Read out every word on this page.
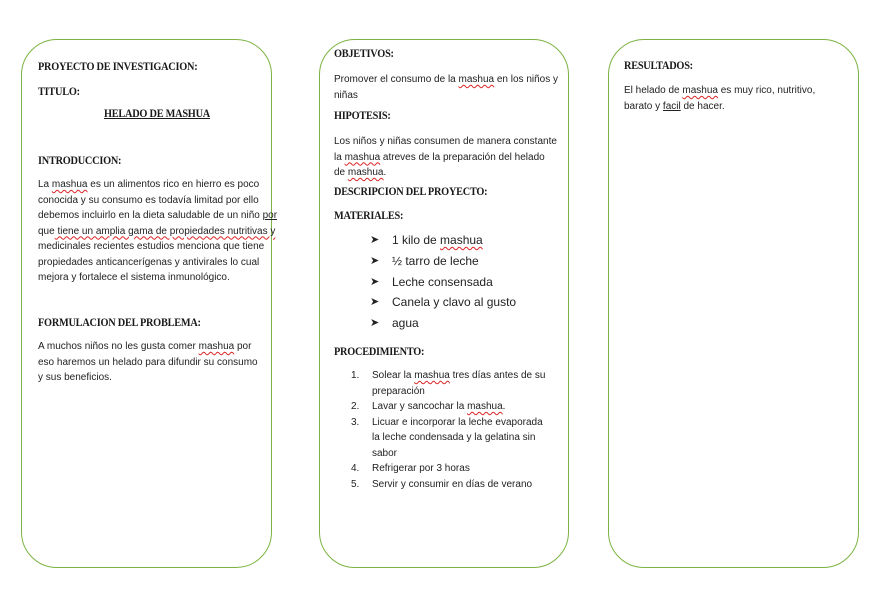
PROYECTO DE INVESTIGACION:
TITULO:
HELADO DE MASHUA
INTRODUCCION:
La mashua es un alimentos rico en hierro es poco
conocida y su consumo es todavía limitad por ello
debemos incluirlo en la dieta saludable de un niño por
que tiene un amplia gama de propiedades nutritivas y
medicinales recientes estudios menciona que tiene
propiedades anticancerígenas y antivirales lo cual
mejora y fortalece el sistema inmunológico.
FORMULACION DEL PROBLEMA:
A muchos niños no les gusta comer mashua por
eso haremos un helado para difundir su consumo
y sus beneficios.
OBJETIVOS:
Promover el consumo de la mashua en los niños y
niñas
HIPOTESIS:
Los niños y niñas consumen de manera constante
la mashua atreves de la preparación del helado
de mashua.
DESCRIPCION DEL PROYECTO:
MATERIALES:
➤ 1 kilo de mashua
➤ ½ tarro de leche
➤ Leche consensada
➤ Canela y clavo al gusto
➤ agua
PROCEDIMIENTO:
1. Solear la mashua tres días antes de su preparación
2. Lavar y sancochar la mashua.
3. Licuar e incorporar la leche evaporada la leche condensada y la gelatina sin sabor
4. Refrigerar por 3 horas
5. Servir y consumir en días de verano
RESULTADOS:
El helado de mashua es muy rico, nutritivo,
barato y facil de hacer.
